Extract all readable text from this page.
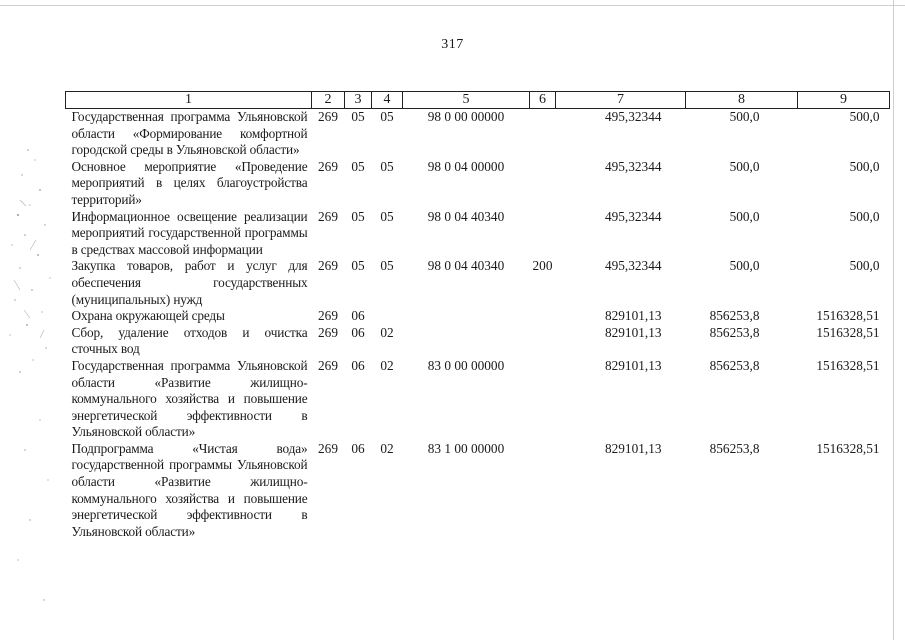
317
1	2	3	4	5	6	7	8	9
Государственная программа Ульяновской области «Формирование комфортной городской среды в Ульяновской области»	269	05	05	98 0 00 00000		495,32344	500,0	500,0
Основное мероприятие «Проведение мероприятий в целях благоустройства территорий»	269	05	05	98 0 04 00000		495,32344	500,0	500,0
Информационное освещение реализации мероприятий государственной программы в средствах массовой информации	269	05	05	98 0 04 40340		495,32344	500,0	500,0
Закупка товаров, работ и услуг для обеспечения государственных (муниципальных) нужд	269	05	05	98 0 04 40340	200	495,32344	500,0	500,0
Охрана окружающей среды	269	06				829101,13	856253,8	1516328,51
Сбор, удаление отходов и очистка сточных вод	269	06	02			829101,13	856253,8	1516328,51
Государственная программа Ульяновской области «Развитие жилищно-коммунального хозяйства и повышение энергетической эффективности в Ульяновской области»	269	06	02	83 0 00 00000		829101,13	856253,8	1516328,51
Подпрограмма «Чистая вода» государственной программы Ульяновской области «Развитие жилищно-коммунального хозяйства и повышение энергетической эффективности в Ульяновской области»	269	06	02	83 1 00 00000		829101,13	856253,8	1516328,51
